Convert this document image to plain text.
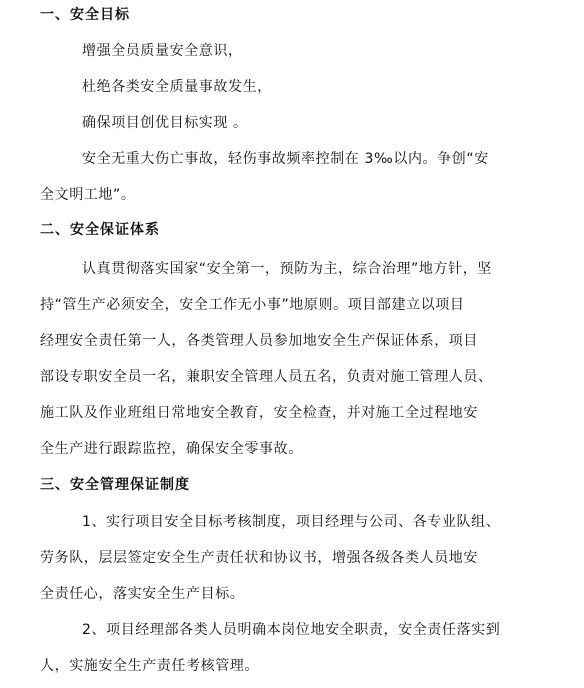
一、安全目标
增强全员质量安全意识，
杜绝各类安全质量事故发生，
确保项目创优目标实现 。
安全无重大伤亡事故，轻伤事故频率控制在 3‰以内。争创“安
全文明工地”。
二、安全保证体系
认真贯彻落实国家“安全第一，预防为主，综合治理”地方针，坚
持“管生产必须安全，安全工作无小事”地原则。项目部建立以项目
经理安全责任第一人，各类管理人员参加地安全生产保证体系，项目
部设专职安全员一名，兼职安全管理人员五名，负责对施工管理人员、
施工队及作业班组日常地安全教育，安全检查，并对施工全过程地安
全生产进行跟踪监控，确保安全零事故。
三、安全管理保证制度
1、实行项目安全目标考核制度，项目经理与公司、各专业队组、
劳务队，层层签定安全生产责任状和协议书，增强各级各类人员地安
全责任心，落实安全生产目标。
2、项目经理部各类人员明确本岗位地安全职责，安全责任落实到
人，实施安全生产责任考核管理。
